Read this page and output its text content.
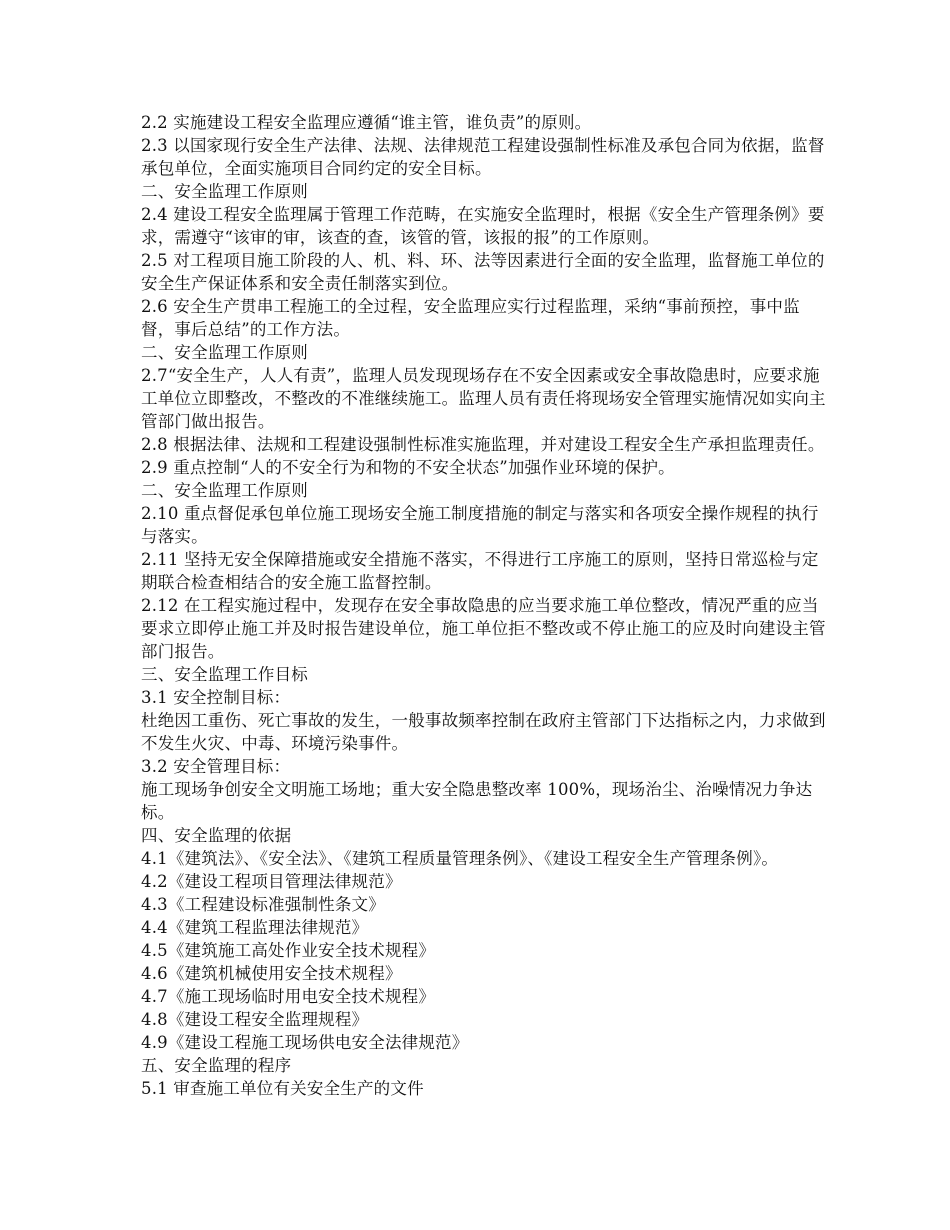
2.2 实施建设工程安全监理应遵循“谁主管，谁负责”的原则。

2.3 以国家现行安全生产法律、法规、法律规范工程建设强制性标准及承包合同为依据，监督承包单位，全面实施项目合同约定的安全目标。

二、安全监理工作原则

2.4 建设工程安全监理属于管理工作范畴，在实施安全监理时，根据《安全生产管理条例》要求，需遵守“该审的审，该查的查，该管的管，该报的报”的工作原则。

2.5 对工程项目施工阶段的人、机、料、环、法等因素进行全面的安全监理，监督施工单位的安全生产保证体系和安全责任制落实到位。

2.6 安全生产贯串工程施工的全过程，安全监理应实行过程监理，采纳“事前预控，事中监督，事后总结”的工作方法。

二、安全监理工作原则

2.7“安全生产，人人有责”，监理人员发现现场存在不安全因素或安全事故隐患时，应要求施工单位立即整改，不整改的不准继续施工。监理人员有责任将现场安全管理实施情况如实向主管部门做出报告。

2.8 根据法律、法规和工程建设强制性标准实施监理，并对建设工程安全生产承担监理责任。

2.9 重点控制“人的不安全行为和物的不安全状态”加强作业环境的保护。

二、安全监理工作原则

2.10 重点督促承包单位施工现场安全施工制度措施的制定与落实和各项安全操作规程的执行与落实。

2.11 坚持无安全保障措施或安全措施不落实，不得进行工序施工的原则，坚持日常巡检与定期联合检查相结合的安全施工监督控制。

2.12 在工程实施过程中，发现存在安全事故隐患的应当要求施工单位整改，情况严重的应当要求立即停止施工并及时报告建设单位，施工单位拒不整改或不停止施工的应及时向建设主管部门报告。

三、安全监理工作目标

3.1 安全控制目标：

杜绝因工重伤、死亡事故的发生，一般事故频率控制在政府主管部门下达指标之内，力求做到不发生火灾、中毒、环境污染事件。

3.2 安全管理目标：

施工现场争创安全文明施工场地；重大安全隐患整改率 100%，现场治尘、治噪情况力争达标。

四、安全监理的依据

4.1《建筑法》、《安全法》、《建筑工程质量管理条例》、《建设工程安全生产管理条例》。

4.2《建设工程项目管理法律规范》

4.3《工程建设标准强制性条文》

4.4《建筑工程监理法律规范》

4.5《建筑施工高处作业安全技术规程》

4.6《建筑机械使用安全技术规程》

4.7《施工现场临时用电安全技术规程》

4.8《建设工程安全监理规程》

4.9《建设工程施工现场供电安全法律规范》

五、安全监理的程序

5.1 审查施工单位有关安全生产的文件
